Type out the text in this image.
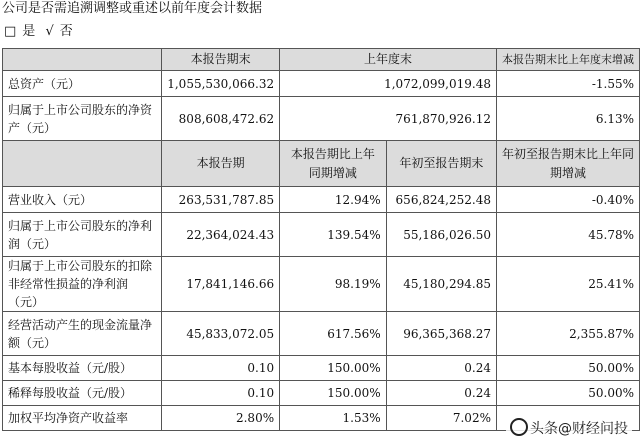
公司是否需追溯调整或重述以前年度会计数据
□ 是 √ 否
	本报告期末	上年度末		本报告期末比上年度末增减
总资产（元）	1,055,530,066.32	1,072,099,019.48		-1.55%
归属于上市公司股东的净资产（元）	808,608,472.62	761,870,926.12		6.13%
	本报告期	本报告期比上年同期增减	年初至报告期末	年初至报告期末比上年同期增减
营业收入（元）	263,531,787.85	12.94%	656,824,252.48	-0.40%
归属于上市公司股东的净利润（元）	22,364,024.43	139.54%	55,186,026.50	45.78%
归属于上市公司股东的扣除非经常性损益的净利润（元）	17,841,146.66	98.19%	45,180,294.85	25.41%
经营活动产生的现金流量净额（元）	45,833,072.05	617.56%	96,365,368.27	2,355.87%
基本每股收益（元/股）	0.10	150.00%	0.24	50.00%
稀释每股收益（元/股）	0.10	150.00%	0.24	50.00%
加权平均净资产收益率	2.80%	1.53%	7.02%	
头条@财经问投
